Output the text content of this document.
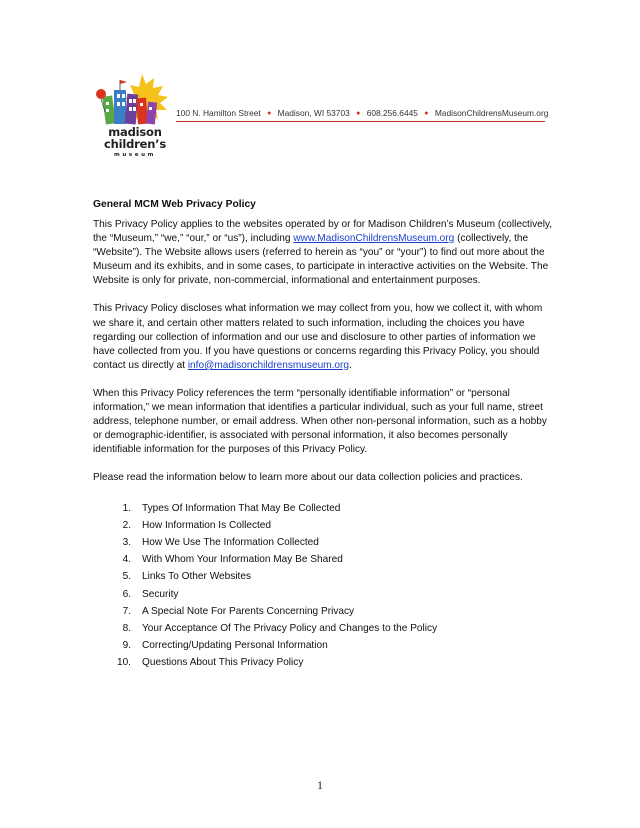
madison
children’s
museum
100 N. Hamilton Street ● Madison, WI 53703 ● 608.256.6445 ● MadisonChildrensMuseum.org
General MCM Web Privacy Policy

This Privacy Policy applies to the websites operated by or for Madison Children’s Museum (collectively, the “Museum,” “we,” “our,” or “us”), including www.MadisonChildrensMuseum.org (collectively, the “Website”). The Website allows users (referred to herein as “you” or “your”) to find out more about the Museum and its exhibits, and in some cases, to participate in interactive activities on the Website. The Website is only for private, non-commercial, informational and entertainment purposes.

This Privacy Policy discloses what information we may collect from you, how we collect it, with whom we share it, and certain other matters related to such information, including the choices you have regarding our collection of information and our use and disclosure to other parties of information we have collected from you. If you have questions or concerns regarding this Privacy Policy, you should contact us directly at info@madisonchildrensmuseum.org.

When this Privacy Policy references the term “personally identifiable information” or “personal information,” we mean information that identifies a particular individual, such as your full name, street address, telephone number, or email address. When other non-personal information, such as a hobby or demographic-identifier, is associated with personal information, it also becomes personally identifiable information for the purposes of this Privacy Policy.

Please read the information below to learn more about our data collection policies and practices.

1. Types Of Information That May Be Collected
2. How Information Is Collected
3. How We Use The Information Collected
4. With Whom Your Information May Be Shared
5. Links To Other Websites
6. Security
7. A Special Note For Parents Concerning Privacy
8. Your Acceptance Of The Privacy Policy and Changes to the Policy
9. Correcting/Updating Personal Information
10. Questions About This Privacy Policy
1
